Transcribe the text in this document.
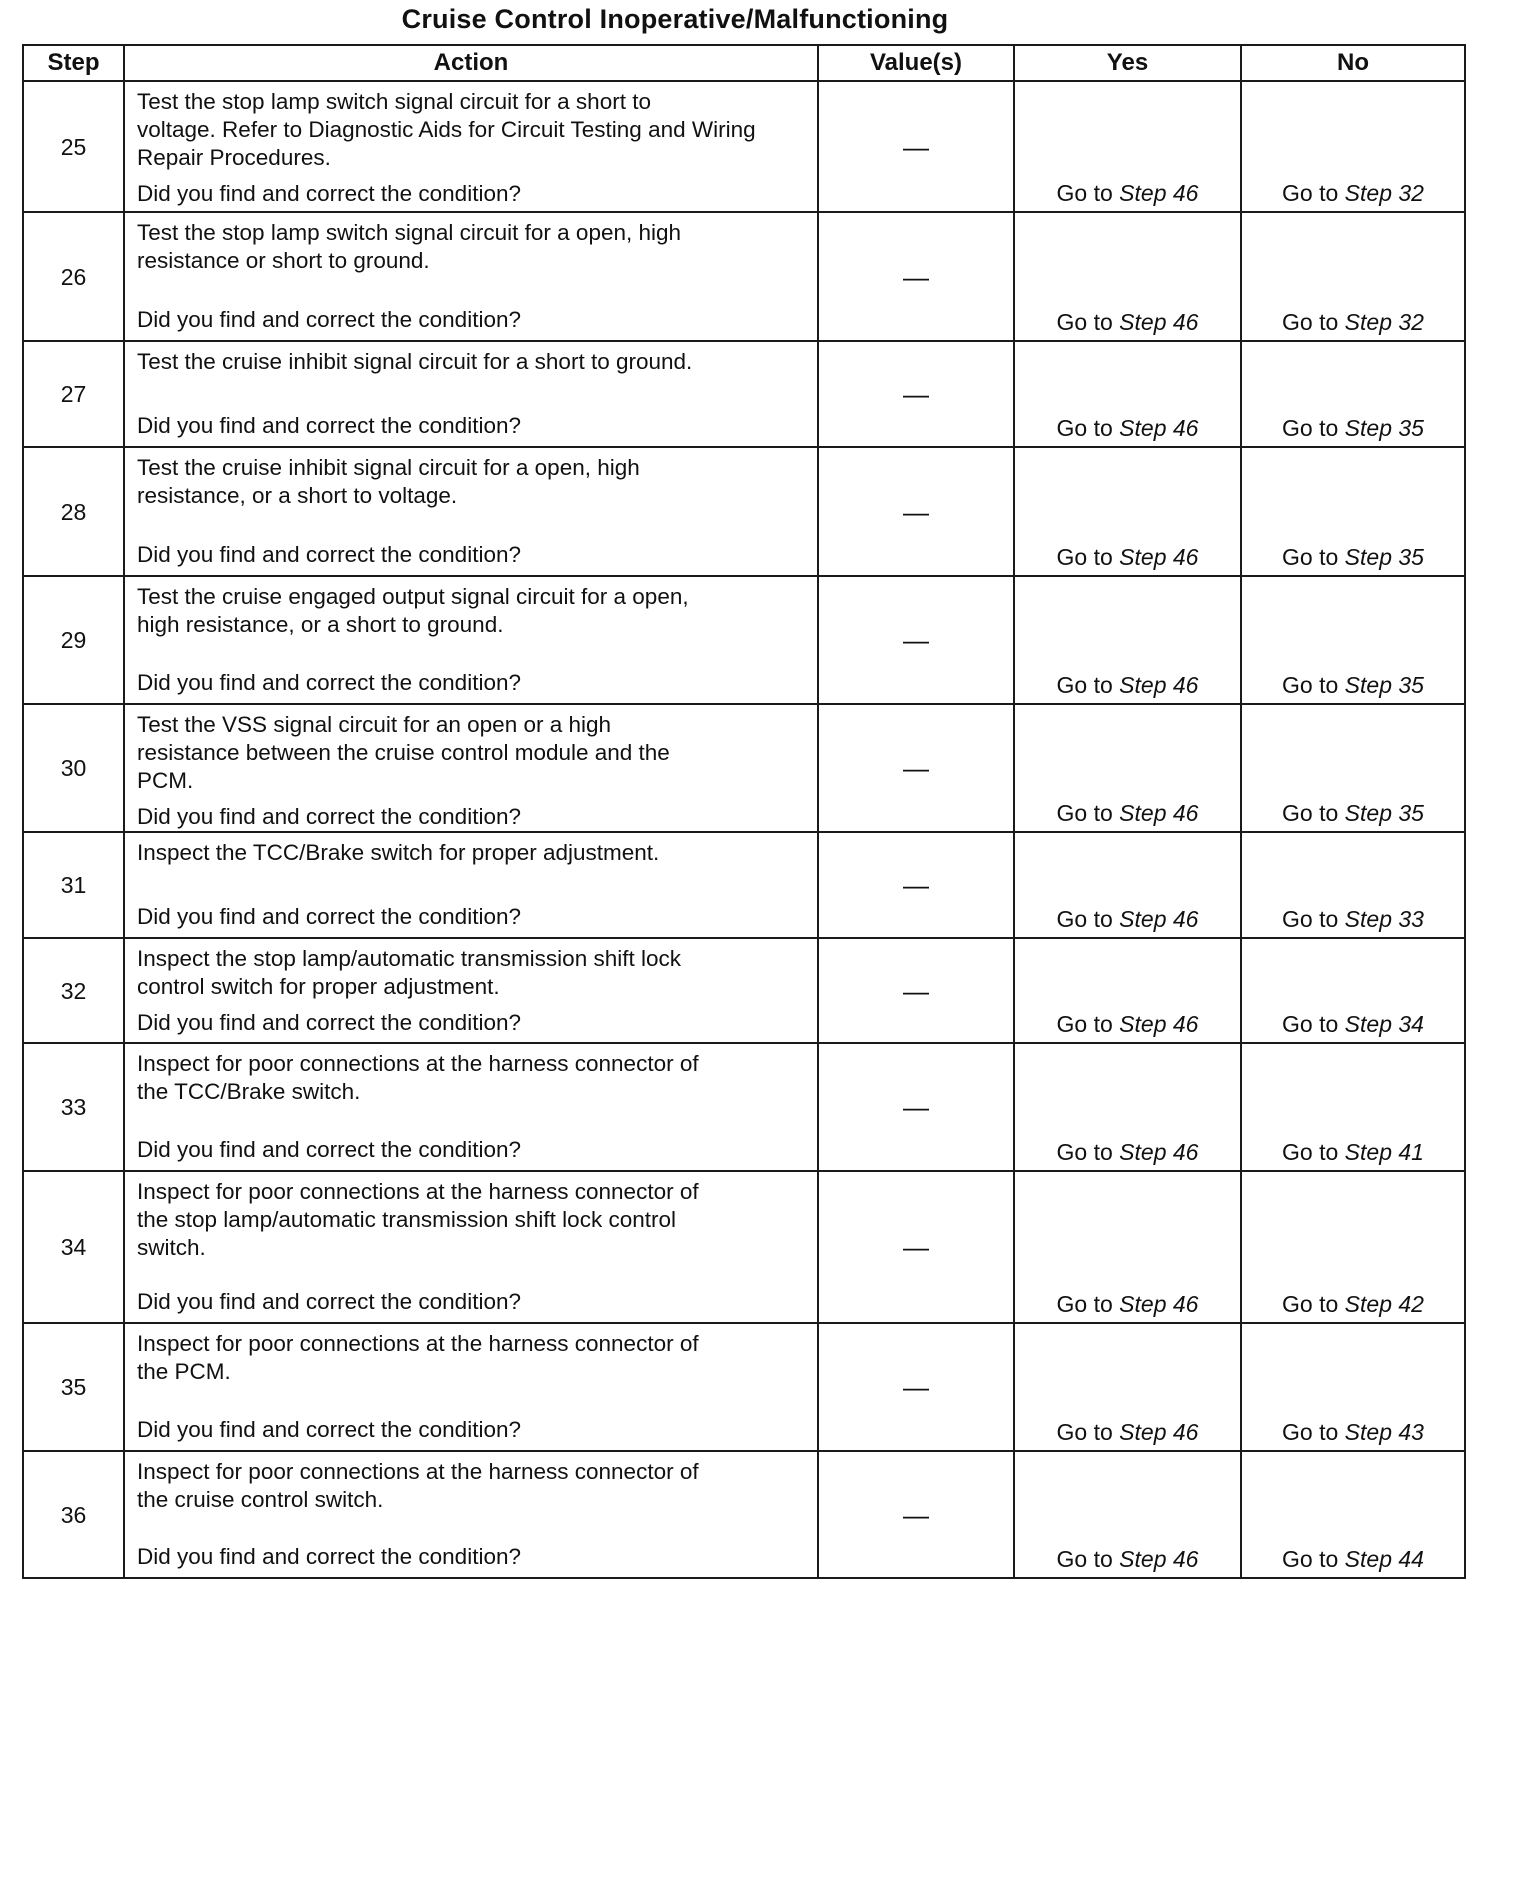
Cruise Control Inoperative/Malfunctioning
Step	Action	Value(s)	Yes	No
25	Test the stop lamp switch signal circuit for a short to
voltage. Refer to Diagnostic Aids for Circuit Testing and Wiring
Repair Procedures.
Did you find and correct the condition?	—	Go to Step 46	Go to Step 32
26	Test the stop lamp switch signal circuit for a open, high
resistance or short to ground.
Did you find and correct the condition?	—	Go to Step 46	Go to Step 32
27	Test the cruise inhibit signal circuit for a short to ground.
Did you find and correct the condition?	—	Go to Step 46	Go to Step 35
28	Test the cruise inhibit signal circuit for a open, high
resistance, or a short to voltage.
Did you find and correct the condition?	—	Go to Step 46	Go to Step 35
29	Test the cruise engaged output signal circuit for a open,
high resistance, or a short to ground.
Did you find and correct the condition?	—	Go to Step 46	Go to Step 35
30	Test the VSS signal circuit for an open or a high
resistance between the cruise control module and the
PCM.
Did you find and correct the condition?	—	Go to Step 46	Go to Step 35
31	Inspect the TCC/Brake switch for proper adjustment.
Did you find and correct the condition?	—	Go to Step 46	Go to Step 33
32	Inspect the stop lamp/automatic transmission shift lock
control switch for proper adjustment.
Did you find and correct the condition?	—	Go to Step 46	Go to Step 34
33	Inspect for poor connections at the harness connector of
the TCC/Brake switch.
Did you find and correct the condition?	—	Go to Step 46	Go to Step 41
34	Inspect for poor connections at the harness connector of
the stop lamp/automatic transmission shift lock control
switch.
Did you find and correct the condition?	—	Go to Step 46	Go to Step 42
35	Inspect for poor connections at the harness connector of
the PCM.
Did you find and correct the condition?	—	Go to Step 46	Go to Step 43
36	Inspect for poor connections at the harness connector of
the cruise control switch.
Did you find and correct the condition?	—	Go to Step 46	Go to Step 44
